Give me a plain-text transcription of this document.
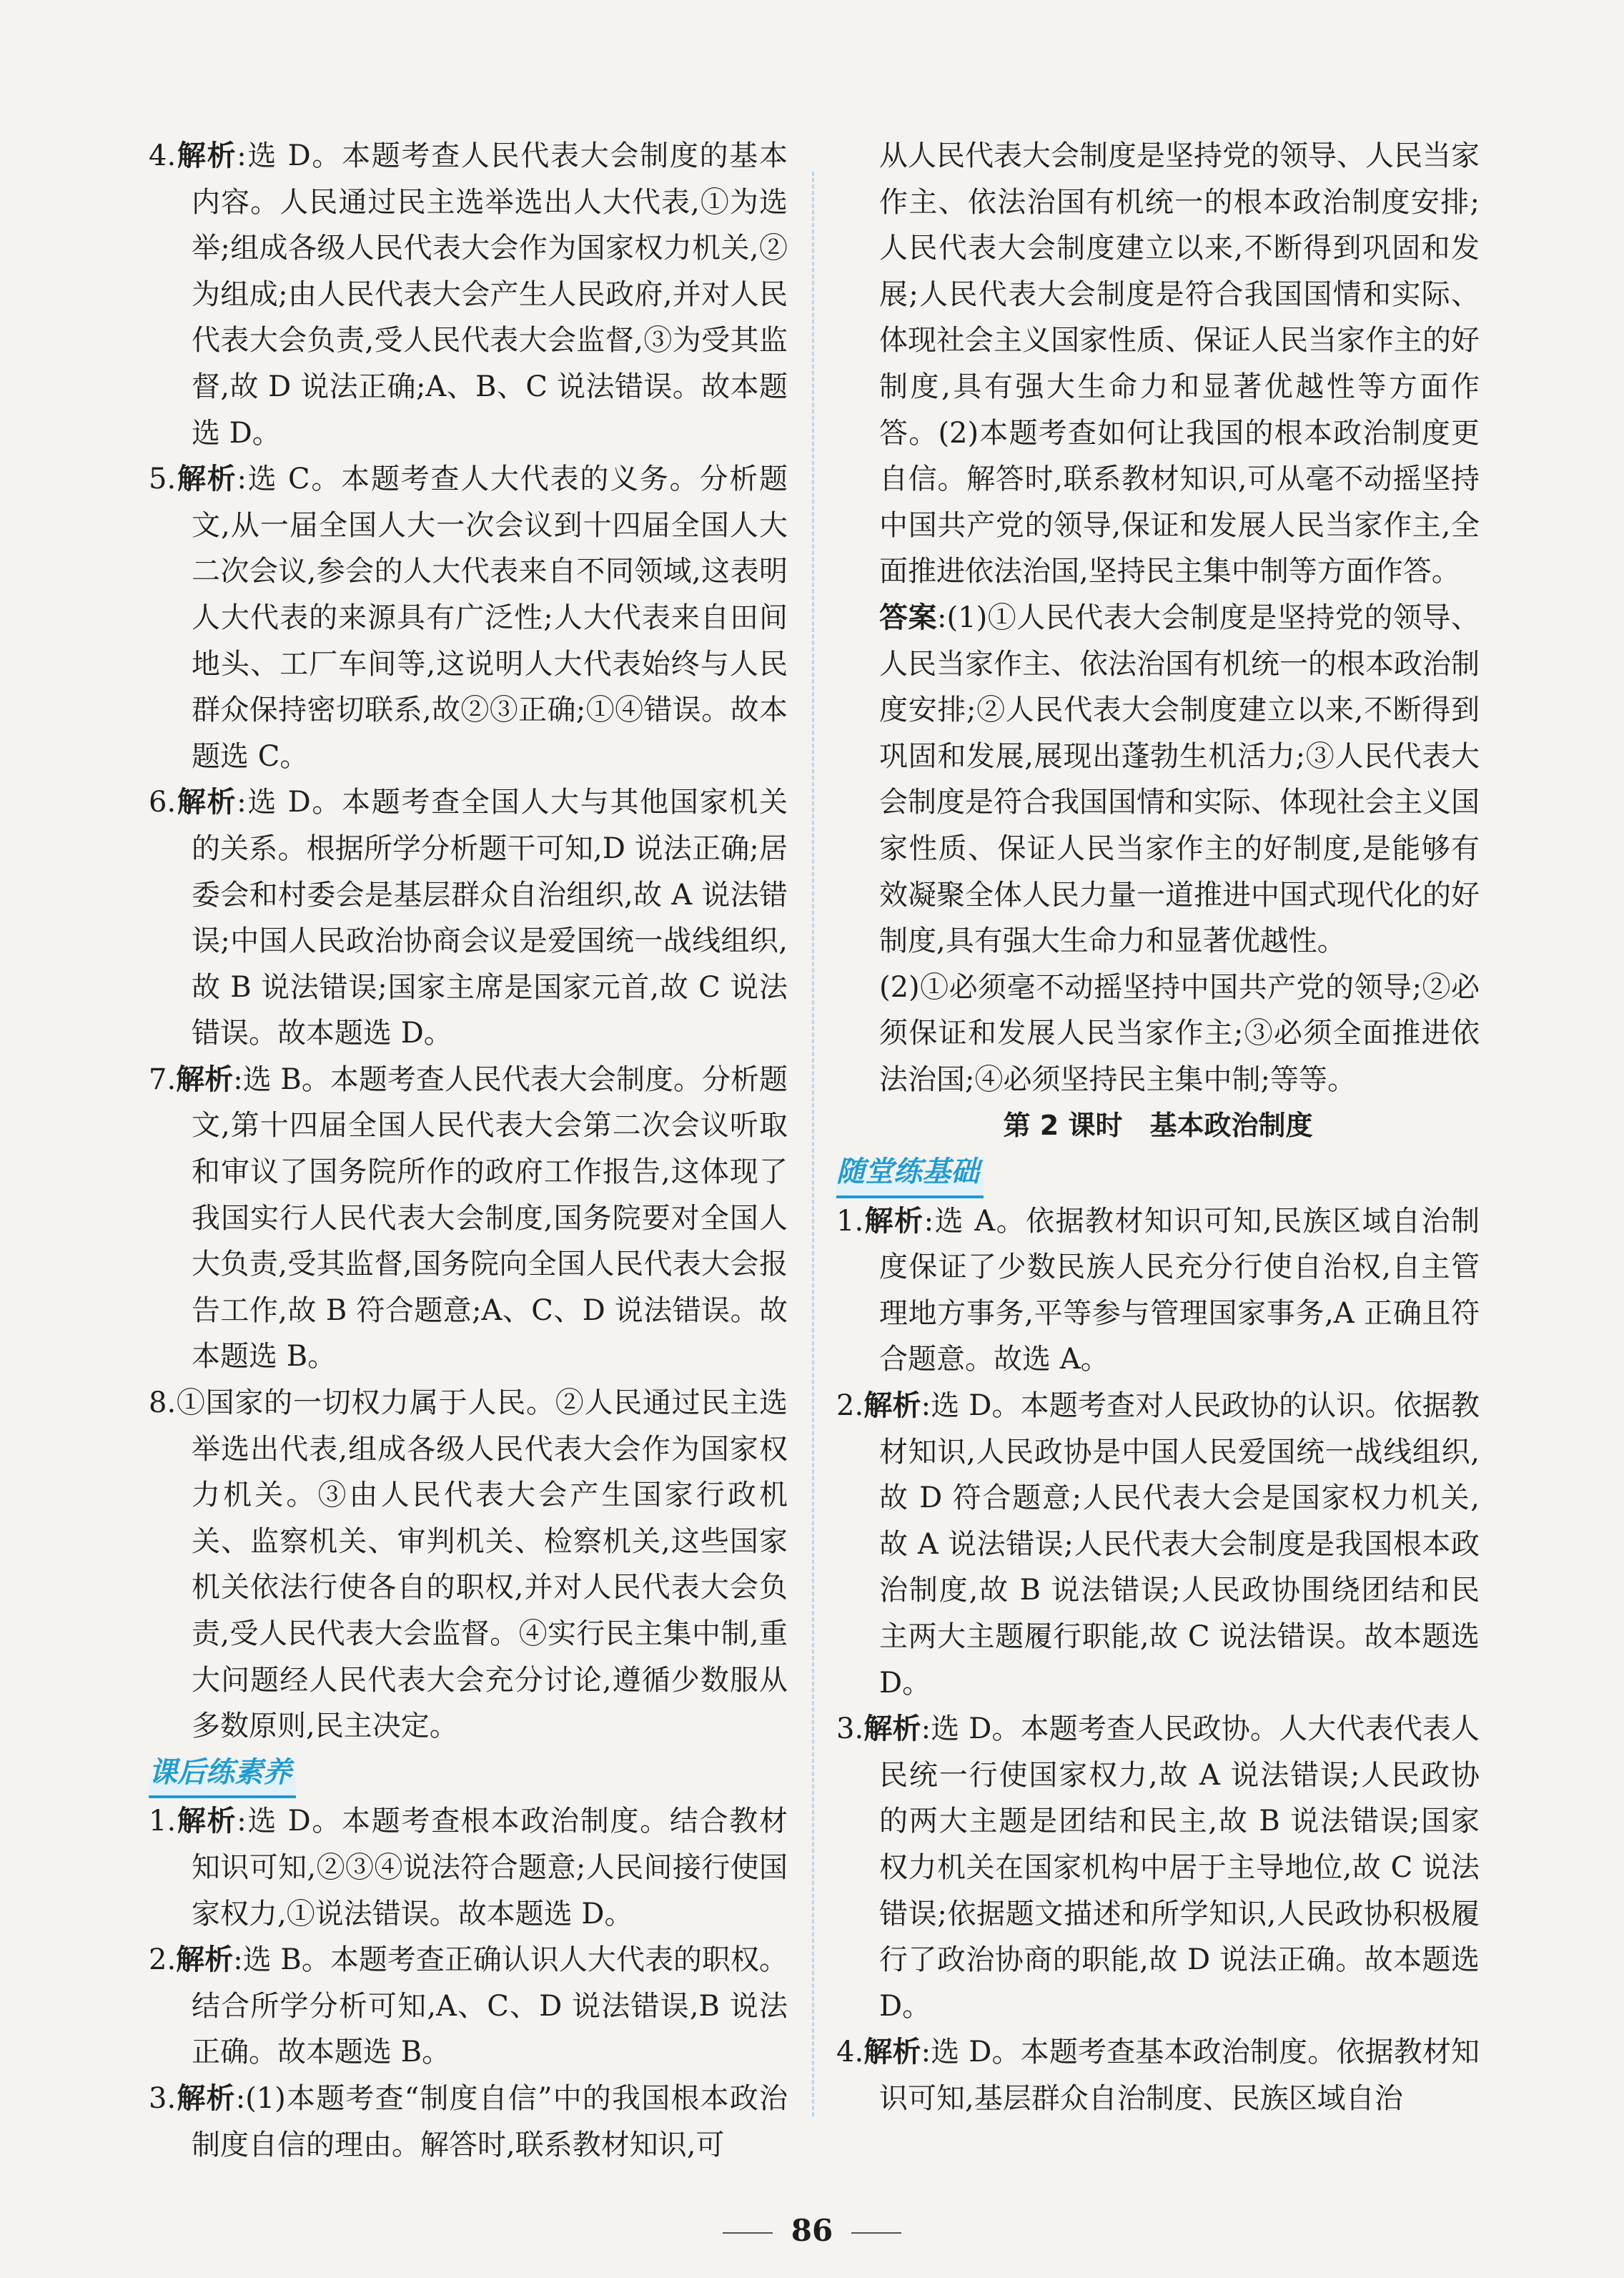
4.解析:选 D。本题考查人民代表大会制度的基本内容。人民通过民主选举选出人大代表,①为选举;组成各级人民代表大会作为国家权力机关,②为组成;由人民代表大会产生人民政府,并对人民代表大会负责,受人民代表大会监督,③为受其监督,故 D 说法正确;A、B、C 说法错误。故本题选 D。
5.解析:选 C。本题考查人大代表的义务。分析题文,从一届全国人大一次会议到十四届全国人大二次会议,参会的人大代表来自不同领域,这表明人大代表的来源具有广泛性;人大代表来自田间地头、工厂车间等,这说明人大代表始终与人民群众保持密切联系,故②③正确;①④错误。故本题选 C。
6.解析:选 D。本题考查全国人大与其他国家机关的关系。根据所学分析题干可知,D 说法正确;居委会和村委会是基层群众自治组织,故 A 说法错误;中国人民政治协商会议是爱国统一战线组织,故 B 说法错误;国家主席是国家元首,故 C 说法错误。故本题选 D。
7.解析:选 B。本题考查人民代表大会制度。分析题文,第十四届全国人民代表大会第二次会议听取和审议了国务院所作的政府工作报告,这体现了我国实行人民代表大会制度,国务院要对全国人大负责,受其监督,国务院向全国人民代表大会报告工作,故 B 符合题意;A、C、D 说法错误。故本题选 B。
8.①国家的一切权力属于人民。②人民通过民主选举选出代表,组成各级人民代表大会作为国家权力机关。③由人民代表大会产生国家行政机关、监察机关、审判机关、检察机关,这些国家机关依法行使各自的职权,并对人民代表大会负责,受人民代表大会监督。④实行民主集中制,重大问题经人民代表大会充分讨论,遵循少数服从多数原则,民主决定。
课后练素养
1.解析:选 D。本题考查根本政治制度。结合教材知识可知,②③④说法符合题意;人民间接行使国家权力,①说法错误。故本题选 D。
2.解析:选 B。本题考查正确认识人大代表的职权。结合所学分析可知,A、C、D 说法错误,B 说法正确。故本题选 B。
3.解析:(1)本题考查“制度自信”中的我国根本政治制度自信的理由。解答时,联系教材知识,可
从人民代表大会制度是坚持党的领导、人民当家作主、依法治国有机统一的根本政治制度安排;人民代表大会制度建立以来,不断得到巩固和发展;人民代表大会制度是符合我国国情和实际、体现社会主义国家性质、保证人民当家作主的好制度,具有强大生命力和显著优越性等方面作答。(2)本题考查如何让我国的根本政治制度更自信。解答时,联系教材知识,可从毫不动摇坚持中国共产党的领导,保证和发展人民当家作主,全面推进依法治国,坚持民主集中制等方面作答。

答案:(1)①人民代表大会制度是坚持党的领导、人民当家作主、依法治国有机统一的根本政治制度安排;②人民代表大会制度建立以来,不断得到巩固和发展,展现出蓬勃生机活力;③人民代表大会制度是符合我国国情和实际、体现社会主义国家性质、保证人民当家作主的好制度,是能够有效凝聚全体人民力量一道推进中国式现代化的好制度,具有强大生命力和显著优越性。

(2)①必须毫不动摇坚持中国共产党的领导;②必须保证和发展人民当家作主;③必须全面推进依法治国;④必须坚持民主集中制;等等。

第 2 课时　基本政治制度
随堂练基础
1.解析:选 A。依据教材知识可知,民族区域自治制度保证了少数民族人民充分行使自治权,自主管理地方事务,平等参与管理国家事务,A 正确且符合题意。故选 A。
2.解析:选 D。本题考查对人民政协的认识。依据教材知识,人民政协是中国人民爱国统一战线组织,故 D 符合题意;人民代表大会是国家权力机关,故 A 说法错误;人民代表大会制度是我国根本政治制度,故 B 说法错误;人民政协围绕团结和民主两大主题履行职能,故 C 说法错误。故本题选 D。
3.解析:选 D。本题考查人民政协。人大代表代表人民统一行使国家权力,故 A 说法错误;人民政协的两大主题是团结和民主,故 B 说法错误;国家权力机关在国家机构中居于主导地位,故 C 说法错误;依据题文描述和所学知识,人民政协积极履行了政治协商的职能,故 D 说法正确。故本题选 D。
4.解析:选 D。本题考查基本政治制度。依据教材知识可知,基层群众自治制度、民族区域自治
86
